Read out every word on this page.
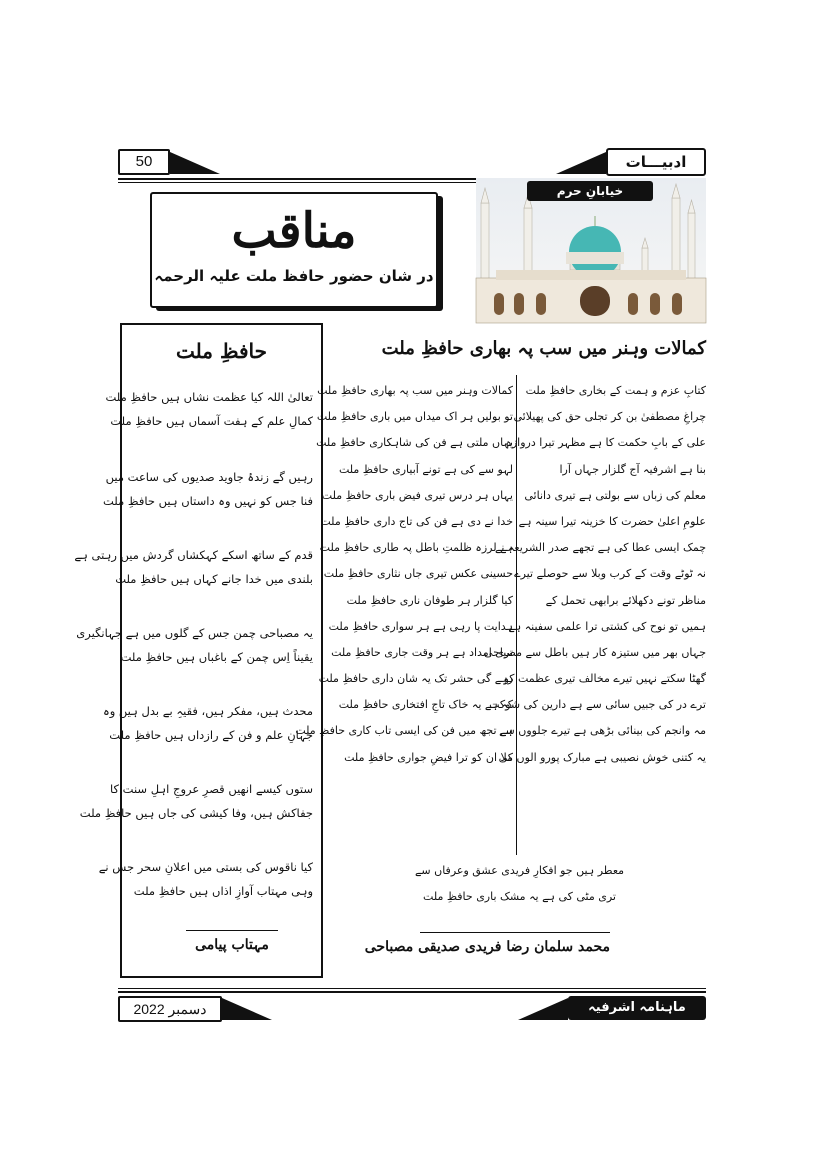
50	ادبیـــات
مناقب
در شان حضور حافظ ملت علیہ الرحمہ
خیابانِ حرم
حافظِ ملت
تعالیٰ اللہ کیا عظمت نشاں ہیں حافظِ ملت
کمالِ علم کے ہفت آسماں ہیں حافظِ ملت
رہیں گے زندۂ جاوید صدیوں کی ساعت میں
فنا جس کو نہیں وہ داستاں ہیں حافظِ ملت
قدم کے ساتھ اسکے کہکشاں گردش میں رہتی ہے
بلندی میں خدا جانے کہاں ہیں حافظِ ملت
یہ مصباحی چمن جس کے گلوں میں ہے جہانگیری
یقیناً اِس چمن کے باغباں ہیں حافظِ ملت
محدث ہیں، مفکر ہیں، فقیہِ بے بدل ہیں وہ
جہانِ علم و فن کے رازداں ہیں حافظِ ملت
ستوں کیسے انھیں قصرِ عروجِ اہلِ سنت کا
جفاکش ہیں، وفا کیشی کی جاں ہیں حافظِ ملت
کیا ناقوس کی بستی میں اعلانِ سحر جس نے
وہی مہتاب آوازِ اذاں ہیں حافظِ ملت
مہتاب پیامی
کمالات وہنر میں سب پہ بھاری حافظِ ملت
کتابِ عزم و ہمت کے بخاری حافظِ ملت
چراغِ مصطفیٰ بن کر تجلی حق کی پھیلائی
علی کے بابِ حکمت کا ہے مظہر تیرا دروازہ
بنا ہے اشرفیہ آج گلزار جہاں آرا
معلم کی زباں سے بولتی ہے تیری دانائی
علومِ اعلیٰ حضرت کا خزینہ تیرا سینہ ہے
چمک ایسی عطا کی ہے تجھے صدر الشریعہ نے
نہ ٹوٹے وقت کے کرب وبلا سے حوصلے تیرے
مناظر تونے دکھلائے برابھی تحمل کے
ہمیں تو نوح کی کشتی ترا علمی سفینہ ہے
جہاں بھر میں ستیزہ کار ہیں باطل سے مصباحی
گھٹا سکتے نہیں تیرے مخالف تیری عظمت کو
ترے در کی جبیں سائی سے ہے دارین کی شوکت
مہ وانجم کی بینائی بڑھی ہے تیرے جلووں سے
یہ کتنی خوش نصیبی ہے مبارک پورو الوں کی
کمالات وہنر میں سب پہ بھاری حافظِ ملت
تو بولیں ہر اک میداں میں باری حافظِ ملت
یہاں ملتی ہے فن کی شاہکاری حافظِ ملت
لہو سے کی ہے تونے آبیاری حافظِ ملت
یہاں ہر درس تیری فیض باری حافظِ ملت
خدا نے دی ہے فن کی تاج داری حافظِ ملت
ہے لرزہ ظلمتِ باطل پہ طاری حافظِ ملت
حسینی عکس تیری جاں نثاری حافظِ ملت
کیا گلزار ہر طوفان ناری حافظِ ملت
ہدایت پا رہی ہے ہر سواری حافظِ ملت
تری امداد ہے ہر وقت جاری حافظِ ملت
رہے گی حشر تک یہ شان داری حافظِ ملت
کہ ہے یہ خاک تاجِ افتخاری حافظِ ملت
ہے تجھ میں فن کی ایسی تاب کاری حافظِ ملت
ملا ان کو ترا فیضِ جواری حافظِ ملت
معطر ہیں جو افکارِ فریدی عشق وعرفاں سے
تری مٹی کی ہے یہ مشک باری حافظِ ملت
محمد سلمان رضا فریدی صدیقی مصباحی
دسمبر 2022	ماہنامہ اشرفیہ
